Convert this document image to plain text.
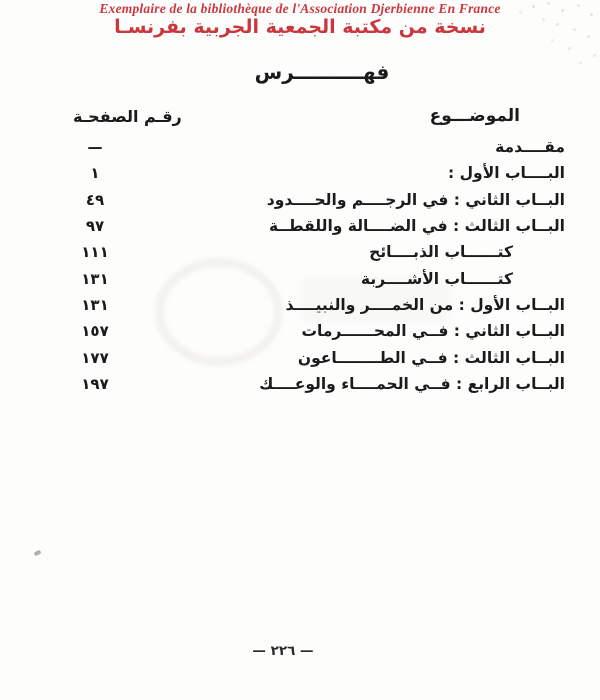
Exemplaire de la bibliothèque de l'Association Djerbienne En France
نسخة من مكتبة الجمعية الجربية بفرنسـا
فهــــــــــرس
الموضـــوع
رقـم الصفحـة
مقــــدمة
—
البــــاب الأول :
١
البــاب الثاني : في الرجــــم والحــــدود
٤٩
البــاب الثالث : في الضــــالة واللقطــة
٩٧
كتــــــاب الذبــــائح
١١١
كتــــــاب الأشــــربة
١٣١
البــاب الأول : من الخمــــر والنبيــــذ
١٣١
البــاب الثاني : فــي المحــــــرمات
١٥٧
البــاب الثالث : فــي الطــــــــاعون
١٧٧
البــاب الرابع : فــي الحمــــاء والوعــــك
١٩٧
— ٢٢٦ —
